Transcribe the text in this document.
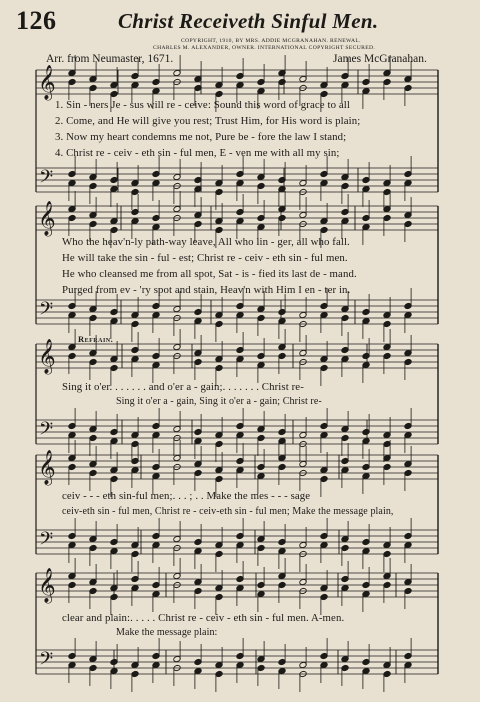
126	Christ Receiveth Sinful Men.
COPYRIGHT, 1910, BY MRS. ADDIE MCGRANAHAN. RENEWAL.
CHARLES M. ALEXANDER, OWNER. INTERNATIONAL COPYRIGHT SECURED.
Arr. from Neumaster, 1671.	James McGranahan.
𝄞
𝄢
𝄞
𝄢
𝄞
𝄢
𝄞
𝄢
𝄞
𝄢
1. Sin - ners Je - sus will re - ceive: Sound this word of grace to all
2. Come, and He will give you rest; Trust Him, for His word is plain;
3. Now my heart condemns me not, Pure be - fore the law I stand;
4. Christ re - ceiv - eth sin - ful men, E - ven me with all my sin;
Who the heav'n-ly path-way leave, All who lin - ger, all who fall.
He will take the sin - ful - est; Christ re - ceiv - eth sin - ful men.
He who cleansed me from all spot, Sat - is - fied its last de - mand.
Purged from ev - 'ry spot and stain, Heav'n with Him I en - ter in.
Refrain.
Sing it o'er. . . . . . . and o'er a - gain;. . . . . . . Christ re-
Sing it o'er a - gain, Sing it o'er a - gain; Christ re-
ceiv - - - eth sin-ful men;. . . ; . . Make the mes - - - sage
ceiv-eth sin - ful men, Christ re - ceiv-eth sin - ful men; Make the message plain,
clear and plain:. . . . . Christ re - ceiv - eth sin - ful men. A-men.
Make the message plain:
